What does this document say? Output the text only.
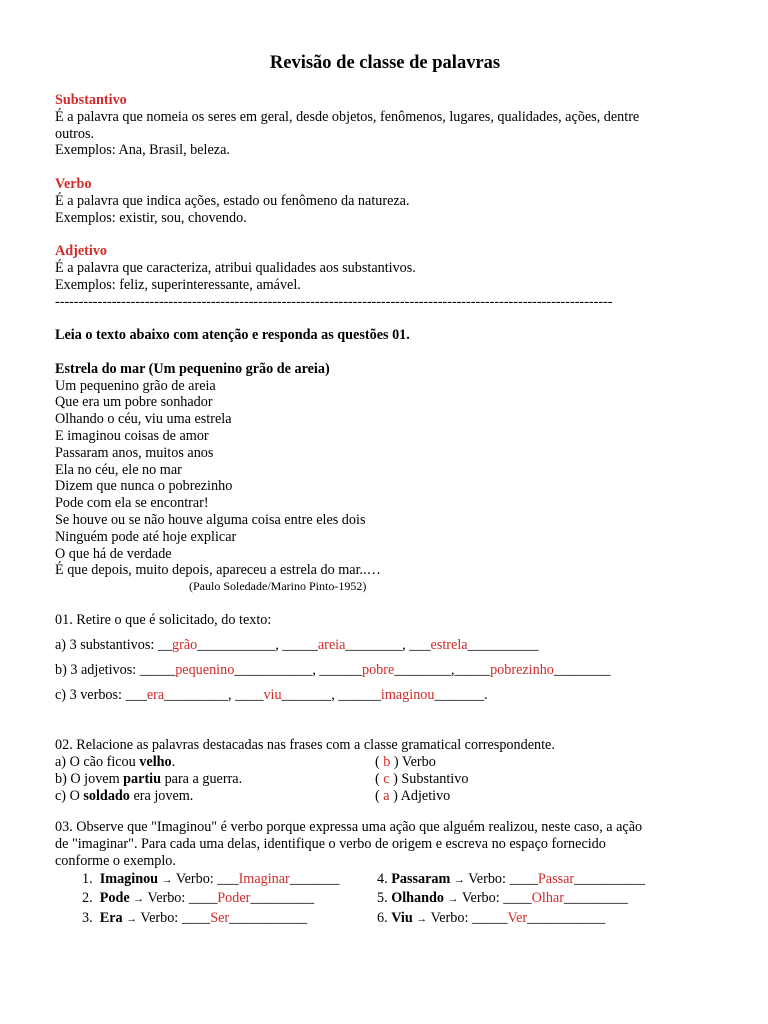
Revisão de classe de palavras
Substantivo
É a palavra que nomeia os seres em geral, desde objetos, fenômenos, lugares, qualidades, ações, dentre
outros.
Exemplos: Ana, Brasil, beleza.
Verbo
É a palavra que indica ações, estado ou fenômeno da natureza.
Exemplos: existir, sou, chovendo.
Adjetivo
É a palavra que caracteriza, atribui qualidades aos substantivos.
Exemplos: feliz, superinteressante, amável.
----------------------------------------------------------------------------------------------------------------------
Leia o texto abaixo com atenção e responda as questões 01.
Estrela do mar (Um pequenino grão de areia)
Um pequenino grão de areia
Que era um pobre sonhador
Olhando o céu, viu uma estrela
E imaginou coisas de amor
Passaram anos, muitos anos
Ela no céu, ele no mar
Dizem que nunca o pobrezinho
Pode com ela se encontrar!
Se houve ou se não houve alguma coisa entre eles dois
Ninguém pode até hoje explicar
O que há de verdade
É que depois, muito depois, apareceu a estrela do mar..…
(Paulo Soledade/Marino Pinto-1952)
01. Retire o que é solicitado, do texto:
a) 3 substantivos: __grão___________, _____areia________, ___estrela__________
b) 3 adjetivos: _____pequenino___________, ______pobre________,_____pobrezinho________
c) 3 verbos: ___era_________, ____viu_______, ______imaginou_______.
02. Relacione as palavras destacadas nas frases com a classe gramatical correspondente.
a) O cão ficou velho.	( b ) Verbo
b) O jovem partiu para a guerra.	( c ) Substantivo
c) O soldado era jovem.	( a ) Adjetivo
03. Observe que "Imaginou" é verbo porque expressa uma ação que alguém realizou, neste caso, a ação
de "imaginar". Para cada uma delas, identifique o verbo de origem e escreva no espaço fornecido
conforme o exemplo.
1. Imaginou → Verbo: ___Imaginar_______	4. Passaram → Verbo: ____Passar__________
2. Pode → Verbo: ____Poder_________	5. Olhando → Verbo: ____Olhar_________
3. Era → Verbo: ____Ser___________	6. Viu → Verbo: _____Ver___________
